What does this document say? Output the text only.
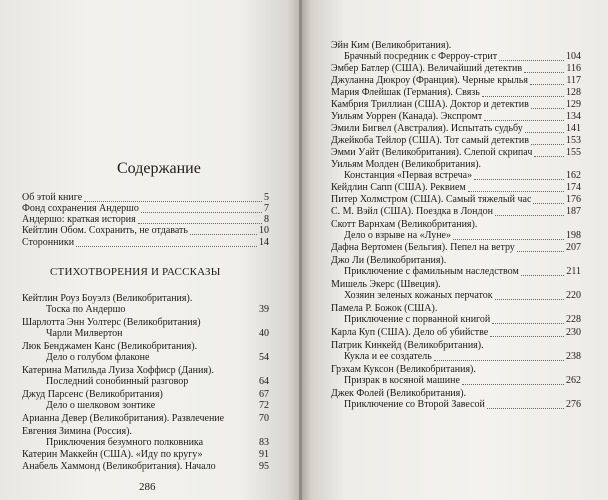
Содержание
Об этой книге	5
Фонд сохранения Андершо	7
Андершо: краткая история	8
Кейтлин Обом. Сохранить, не отдавать	10
Сторонники	14
СТИХОТВОРЕНИЯ И РАССКАЗЫ
Кейтлин Роуз Боуэлз (Великобритания).
Тоска по Андершо	39
Шарлотта Энн Уолтерс (Великобритания)
Чарли Милвертон	40
Люк Бенджамен Канс (Великобритания).
Дело о голубом флаконе	54
Катерина Матильда Луиза Хоффиср (Дания).
Последний сонобинный разговор	64
Джуд Парсенс (Великобритания)	67
Дело о шелковом зонтике	72
Арианна Девер (Великобритания). Развлечение	70
Евгения Зимина (Россия).
Приключения безумного полковника	83
Катерин Маккейн (США). «Иду по кругу»	91
Анабель Хаммонд (Великобритания). Начало	95
286
Эйн Ким (Великобритания).
Брачный посредник с Ферроу-стрит	104
Эмбер Батлер (США). Величайший детектив	116
Джуланна Дюкроу (Франция). Черные крылья	117
Мария Флейшак (Германия). Связь	128
Камбрия Триллиан (США). Доктор и детектив	129
Уильям Уоррен (Канада). Экспромт	134
Эмили Бигвел (Австралия). Испытать судьбу	141
Джейкоба Тейлор (США). Тот самый детектив	153
Эмми Уайт (Великобритания). Слепой скрипач	155
Уильям Молден (Великобритания).
Констанция «Первая встреча»	162
Кейдлин Сапп (США). Реквием	174
Питер Холмстром (США). Самый тяжелый час	176
С. М. Вэйл (США). Поездка в Лондон	187
Скотт Варнхам (Великобритания).
Дело о взрыве на «Луне»	198
Дафна Вертомен (Бельгия). Пепел на ветру	207
Джо Ли (Великобритания).
Приключение с фамильным наследством	211
Мишель Экерс (Швеция).
Хозяин зеленых кожаных перчаток	220
Памела Р. Божок (США).
Приключение с порванной книгой	228
Карла Куп (США). Дело об убийстве	230
Патрик Кинкейд (Великобритания).
Кукла и ее создатель	238
Грэхам Куксон (Великобритания).
Призрак в косяной машине	262
Джек Фолей (Великобритания).
Приключение со Второй Завесой	276
